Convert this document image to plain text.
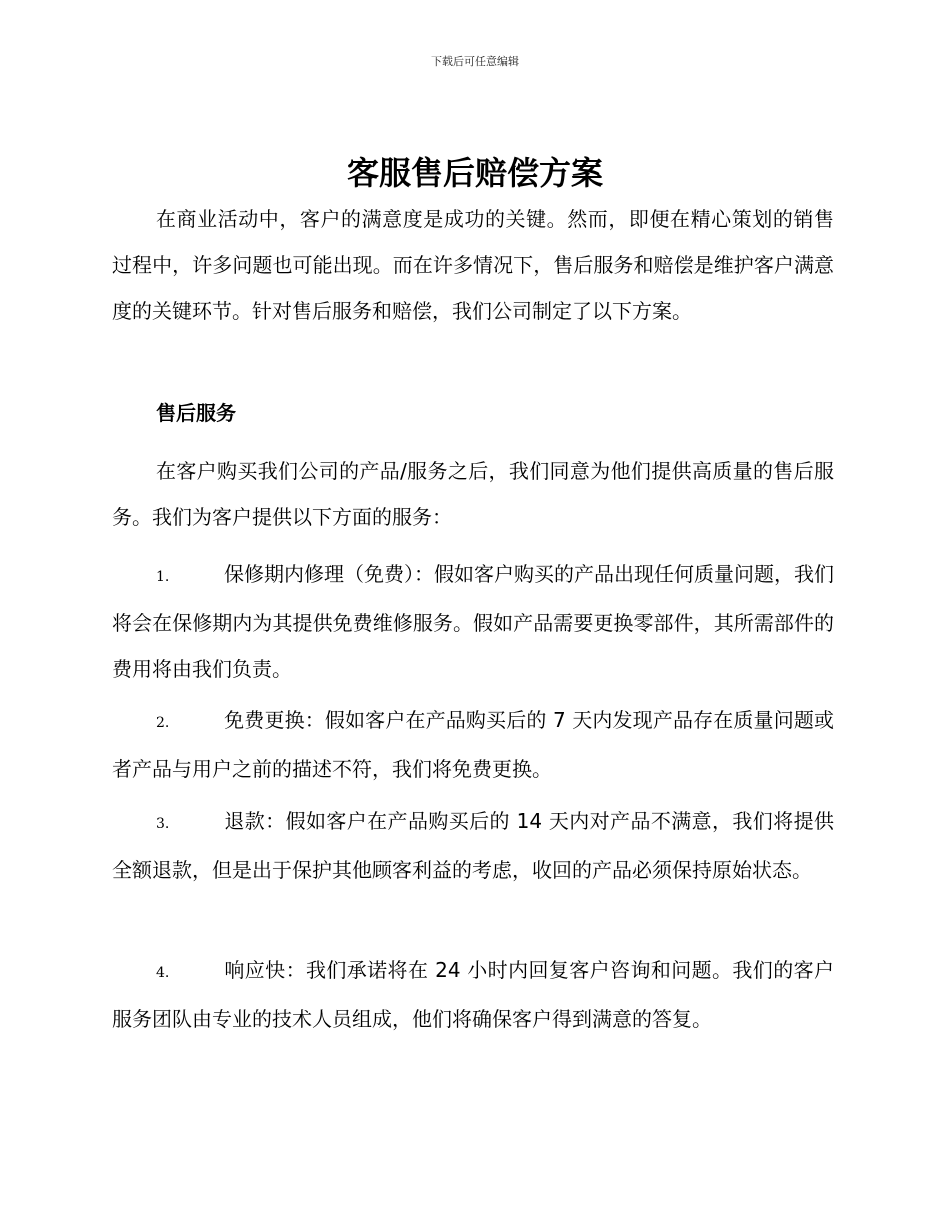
下载后可任意编辑
客服售后赔偿方案

在商业活动中，客户的满意度是成功的关键。然而，即便在精心策划的销售过程中，许多问题也可能出现。而在许多情况下，售后服务和赔偿是维护客户满意度的关键环节。针对售后服务和赔偿，我们公司制定了以下方案。

售后服务

在客户购买我们公司的产品/服务之后，我们同意为他们提供高质量的售后服务。我们为客户提供以下方面的服务：

1.	保修期内修理（免费）：假如客户购买的产品出现任何质量问题，我们将会在保修期内为其提供免费维修服务。假如产品需要更换零部件，其所需部件的费用将由我们负责。

2.	免费更换：假如客户在产品购买后的 7 天内发现产品存在质量问题或者产品与用户之前的描述不符，我们将免费更换。

3.	退款：假如客户在产品购买后的 14 天内对产品不满意，我们将提供全额退款，但是出于保护其他顾客利益的考虑，收回的产品必须保持原始状态。

4.	响应快：我们承诺将在 24 小时内回复客户咨询和问题。我们的客户服务团队由专业的技术人员组成，他们将确保客户得到满意的答复。
